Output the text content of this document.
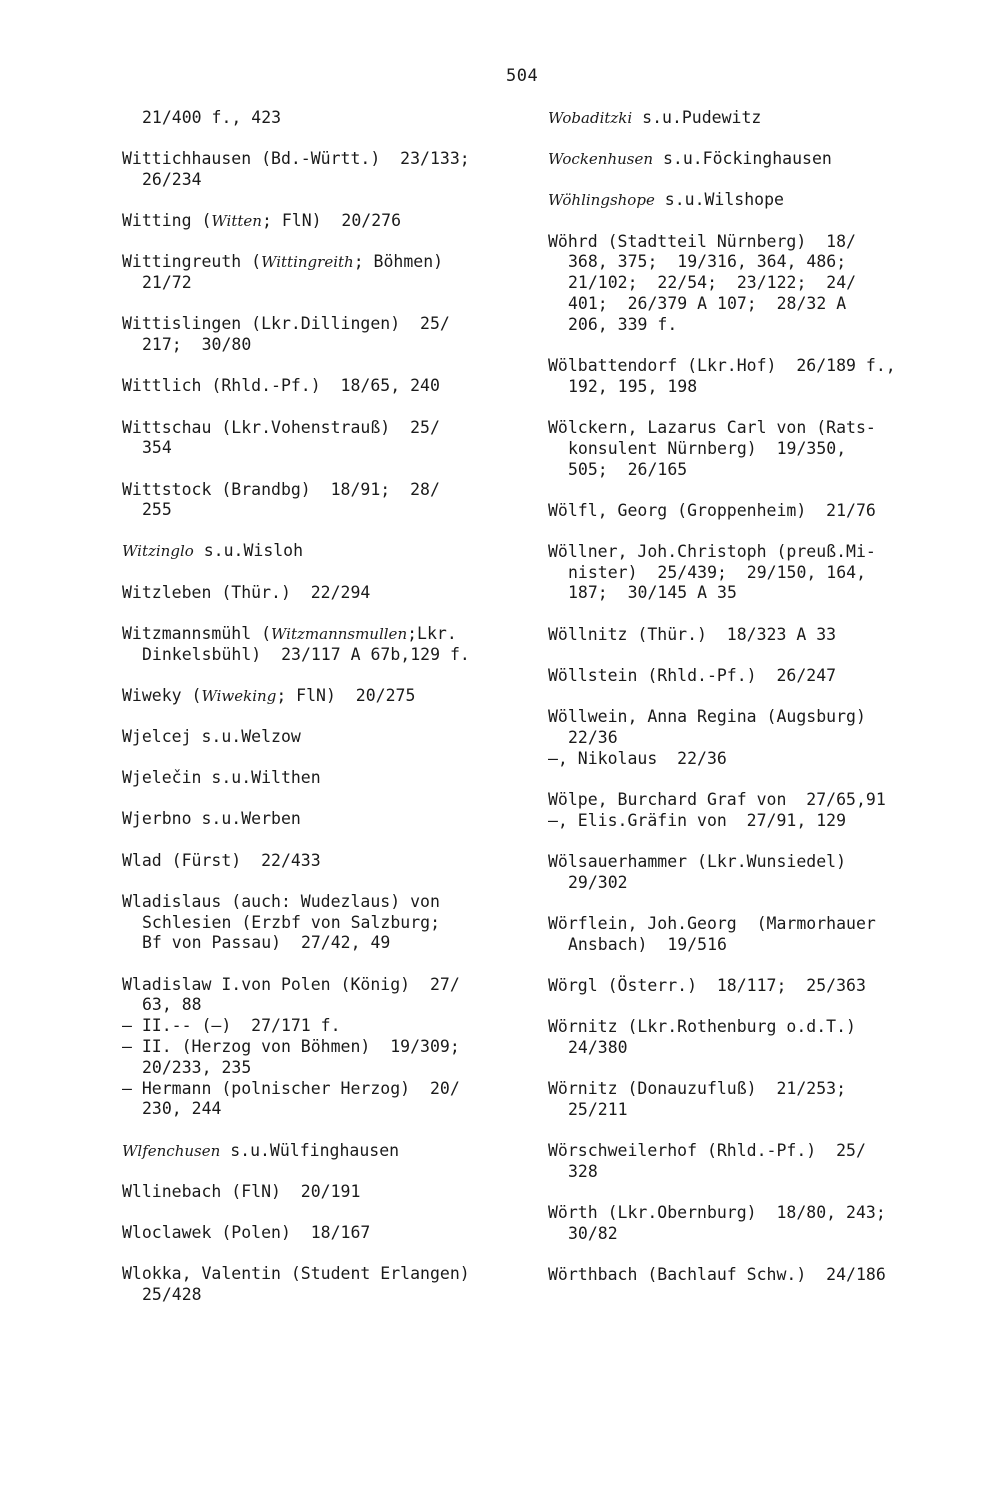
504
21/400 f., 423
Wittichhausen (Bd.-Württ.)  23/133;
26/234
Witting (Witten; FlN)  20/276
Wittingreuth (Wittingreith; Böhmen)
21/72
Wittislingen (Lkr.Dillingen)  25/
217;  30/80
Wittlich (Rhld.-Pf.)  18/65, 240
Wittschau (Lkr.Vohenstrauß)  25/
354
Wittstock (Brandbg)  18/91;  28/
255
Witzinglo s.u.Wisloh
Witzleben (Thür.)  22/294
Witzmannsmühl (Witzmannsmullen;Lkr.
Dinkelsbühl)  23/117 A 67b,129 f.
Wiweky (Wiweking; FlN)  20/275
Wjelcej s.u.Welzow
Wjelečin s.u.Wilthen
Wjerbno s.u.Werben
Wlad (Fürst)  22/433
Wladislaus (auch: Wudezlaus) von
Schlesien (Erzbf von Salzburg;
Bf von Passau)  27/42, 49
Wladislaw I.von Polen (König)  27/
63, 88
— II.-- (—)  27/171 f.
— II. (Herzog von Böhmen)  19/309;
20/233, 235
— Hermann (polnischer Herzog)  20/
230, 244
Wlfenchusen s.u.Wülfinghausen
Wllinebach (FlN)  20/191
Wloclawek (Polen)  18/167
Wlokka, Valentin (Student Erlangen)
25/428
Wobaditzki s.u.Pudewitz
Wockenhusen s.u.Föckinghausen
Wöhlingshope s.u.Wilshope
Wöhrd (Stadtteil Nürnberg)  18/
368, 375;  19/316, 364, 486;
21/102;  22/54;  23/122;  24/
401;  26/379 A 107;  28/32 A
206, 339 f.
Wölbattendorf (Lkr.Hof)  26/189 f.,
192, 195, 198
Wölckern, Lazarus Carl von (Rats-
konsulent Nürnberg)  19/350,
505;  26/165
Wölfl, Georg (Groppenheim)  21/76
Wöllner, Joh.Christoph (preuß.Mi-
nister)  25/439;  29/150, 164,
187;  30/145 A 35
Wöllnitz (Thür.)  18/323 A 33
Wöllstein (Rhld.-Pf.)  26/247
Wöllwein, Anna Regina (Augsburg)
22/36
—, Nikolaus  22/36
Wölpe, Burchard Graf von  27/65,91
—, Elis.Gräfin von  27/91, 129
Wölsauerhammer (Lkr.Wunsiedel)
29/302
Wörflein, Joh.Georg  (Marmorhauer
Ansbach)  19/516
Wörgl (Österr.)  18/117;  25/363
Wörnitz (Lkr.Rothenburg o.d.T.)
24/380
Wörnitz (Donauzufluß)  21/253;
25/211
Wörschweilerhof (Rhld.-Pf.)  25/
328
Wörth (Lkr.Obernburg)  18/80, 243;
30/82
Wörthbach (Bachlauf Schw.)  24/186
